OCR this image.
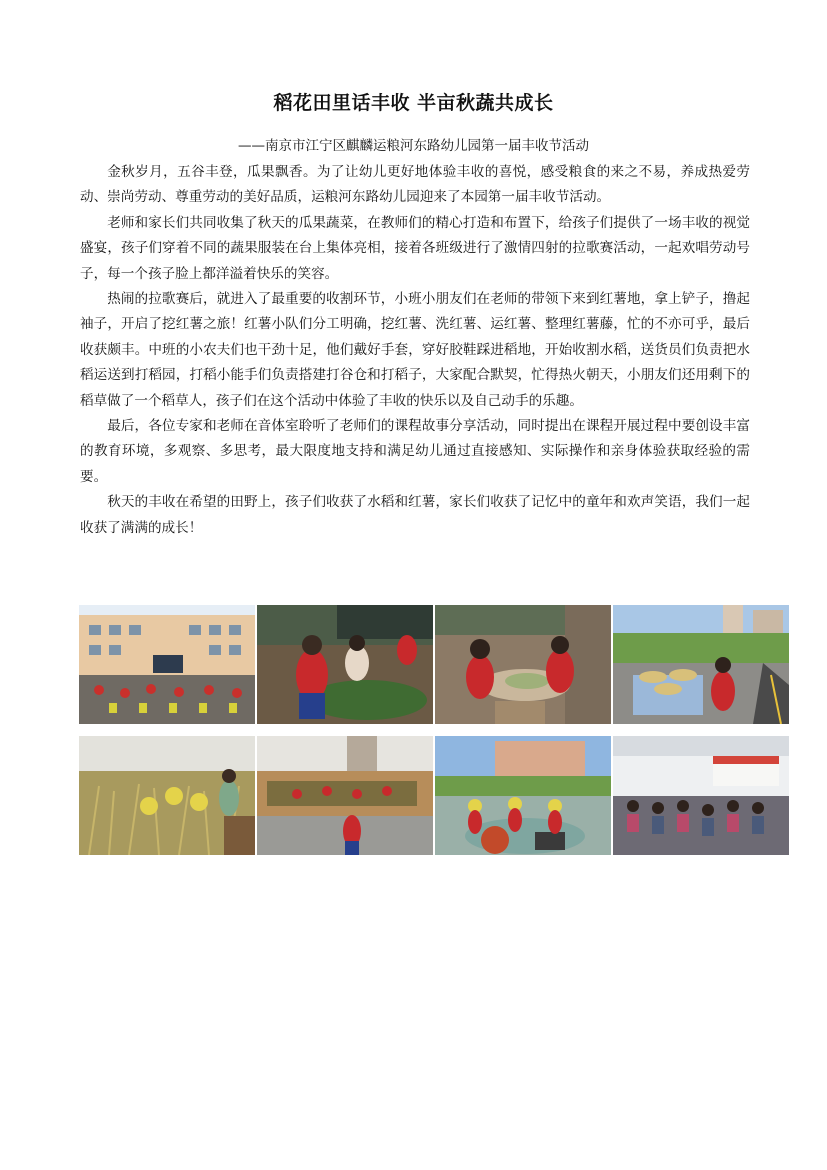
稻花田里话丰收 半亩秋蔬共成长
——南京市江宁区麒麟运粮河东路幼儿园第一届丰收节活动

金秋岁月，五谷丰登，瓜果飘香。为了让幼儿更好地体验丰收的喜悦，感受粮食的来之不易，养成热爱劳动、崇尚劳动、尊重劳动的美好品质，运粮河东路幼儿园迎来了本园第一届丰收节活动。

老师和家长们共同收集了秋天的瓜果蔬菜，在教师们的精心打造和布置下，给孩子们提供了一场丰收的视觉盛宴，孩子们穿着不同的蔬果服装在台上集体亮相，接着各班级进行了激情四射的拉歌赛活动，一起欢唱劳动号子，每一个孩子脸上都洋溢着快乐的笑容。

热闹的拉歌赛后，就进入了最重要的收割环节，小班小朋友们在老师的带领下来到红薯地，拿上铲子，撸起袖子，开启了挖红薯之旅！红薯小队们分工明确，挖红薯、洗红薯、运红薯、整理红薯藤，忙的不亦可乎，最后收获颇丰。中班的小农夫们也干劲十足，他们戴好手套，穿好胶鞋踩进稻地，开始收割水稻，送货员们负责把水稻运送到打稻园，打稻小能手们负责搭建打谷仓和打稻子，大家配合默契，忙得热火朝天，小朋友们还用剩下的稻草做了一个稻草人，孩子们在这个活动中体验了丰收的快乐以及自己动手的乐趣。

最后，各位专家和老师在音体室聆听了老师们的课程故事分享活动，同时提出在课程开展过程中要创设丰富的教育环境，多观察、多思考，最大限度地支持和满足幼儿通过直接感知、实际操作和亲身体验获取经验的需要。

秋天的丰收在希望的田野上，孩子们收获了水稻和红薯，家长们收获了记忆中的童年和欢声笑语，我们一起收获了满满的成长！
